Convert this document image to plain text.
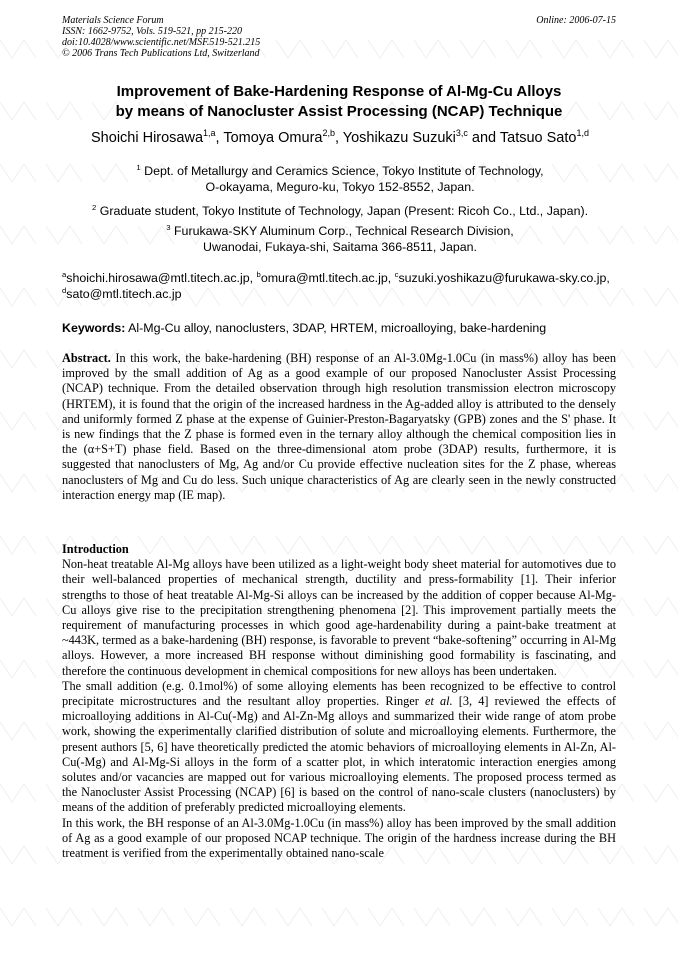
Materials Science Forum
ISSN: 1662-9752, Vols. 519-521, pp 215-220
doi:10.4028/www.scientific.net/MSF.519-521.215
© 2006 Trans Tech Publications Ltd, Switzerland
Online: 2006-07-15
Improvement of Bake-Hardening Response of Al-Mg-Cu Alloys
by means of Nanocluster Assist Processing (NCAP) Technique
Shoichi Hirosawa$^{1,a}$, Tomoya Omura$^{2,b}$, Yoshikazu Suzuki$^{3,c}$ and Tatsuo Sato$^{1,d}$
$^1$ Dept. of Metallurgy and Ceramics Science, Tokyo Institute of Technology,
O-okayama, Meguro-ku, Tokyo 152-8552, Japan.
$^2$ Graduate student, Tokyo Institute of Technology, Japan (Present: Ricoh Co., Ltd., Japan).
$^3$ Furukawa-SKY Aluminum Corp., Technical Research Division,
Uwanodai, Fukaya-shi, Saitama 366-8511, Japan.
$^a$shoichi.hirosawa@mtl.titech.ac.jp, $^b$omura@mtl.titech.ac.jp, $^c$suzuki.yoshikazu@furukawa-sky.co.jp, $^d$sato@mtl.titech.ac.jp
Keywords: Al-Mg-Cu alloy, nanoclusters, 3DAP, HRTEM, microalloying, bake-hardening

Abstract. In this work, the bake-hardening (BH) response of an Al-3.0Mg-1.0Cu (in mass%) alloy has been improved by the small addition of Ag as a good example of our proposed Nanocluster Assist Processing (NCAP) technique. From the detailed observation through high resolution transmission electron microscopy (HRTEM), it is found that the origin of the increased hardness in the Ag-added alloy is attributed to the densely and uniformly formed Z phase at the expense of Guinier-Preston-Bagaryatsky (GPB) zones and the S' phase. It is new findings that the Z phase is formed even in the ternary alloy although the chemical composition lies in the (α+S+T) phase field. Based on the three-dimensional atom probe (3DAP) results, furthermore, it is suggested that nanoclusters of Mg, Ag and/or Cu provide effective nucleation sites for the Z phase, whereas nanoclusters of Mg and Cu do less. Such unique characteristics of Ag are clearly seen in the newly constructed interaction energy map (IE map).

Introduction

Non-heat treatable Al-Mg alloys have been utilized as a light-weight body sheet material for automotives due to their well-balanced properties of mechanical strength, ductility and press-formability [1]. Their inferior strengths to those of heat treatable Al-Mg-Si alloys can be increased by the addition of copper because Al-Mg-Cu alloys give rise to the precipitation strengthening phenomena [2]. This improvement partially meets the requirement of manufacturing processes in which good age-hardenability during a paint-bake treatment at ~443K, termed as a bake-hardening (BH) response, is favorable to prevent “bake-softening” occurring in Al-Mg alloys. However, a more increased BH response without diminishing good formability is fascinating, and therefore the continuous development in chemical compositions for new alloys has been undertaken.

The small addition (e.g. 0.1mol%) of some alloying elements has been recognized to be effective to control precipitate microstructures and the resultant alloy properties. Ringer et al. [3, 4] reviewed the effects of microalloying additions in Al-Cu(-Mg) and Al-Zn-Mg alloys and summarized their wide range of atom probe work, showing the experimentally clarified distribution of solute and microalloying elements. Furthermore, the present authors [5, 6] have theoretically predicted the atomic behaviors of microalloying elements in Al-Zn, Al-Cu(-Mg) and Al-Mg-Si alloys in the form of a scatter plot, in which interatomic interaction energies among solutes and/or vacancies are mapped out for various microalloying elements. The proposed process termed as the Nanocluster Assist Processing (NCAP) [6] is based on the control of nano-scale clusters (nanoclusters) by means of the addition of preferably predicted microalloying elements.

In this work, the BH response of an Al-3.0Mg-1.0Cu (in mass%) alloy has been improved by the small addition of Ag as a good example of our proposed NCAP technique. The origin of the hardness increase during the BH treatment is verified from the experimentally obtained nano-scale
